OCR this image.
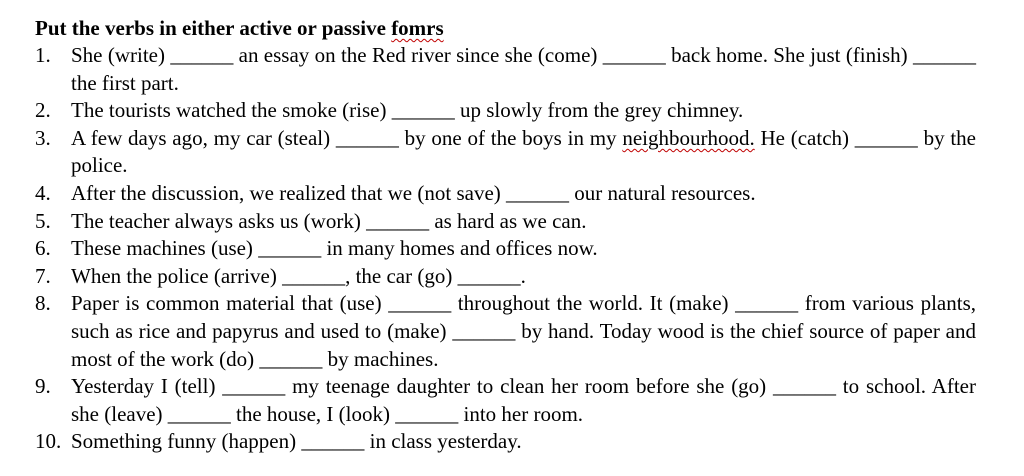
Put the verbs in either active or passive fomrs

1. She (write) ______ an essay on the Red river since she (come) ______ back home. She just (finish) ______ the first part.
2. The tourists watched the smoke (rise) ______ up slowly from the grey chimney.
3. A few days ago, my car (steal) ______ by one of the boys in my neighbourhood. He (catch) ______ by the police.
4. After the discussion, we realized that we (not save) ______ our natural resources.
5. The teacher always asks us (work) ______ as hard as we can.
6. These machines (use) ______ in many homes and offices now.
7. When the police (arrive) ______, the car (go) ______.
8. Paper is common material that (use) ______ throughout the world. It (make) ______ from various plants, such as rice and papyrus and used to (make) ______ by hand. Today wood is the chief source of paper and most of the work (do) ______ by machines.
9. Yesterday I (tell) ______ my teenage daughter to clean her room before she (go) ______ to school. After she (leave) ______ the house, I (look) ______ into her room.
10. Something funny (happen) ______ in class yesterday.
